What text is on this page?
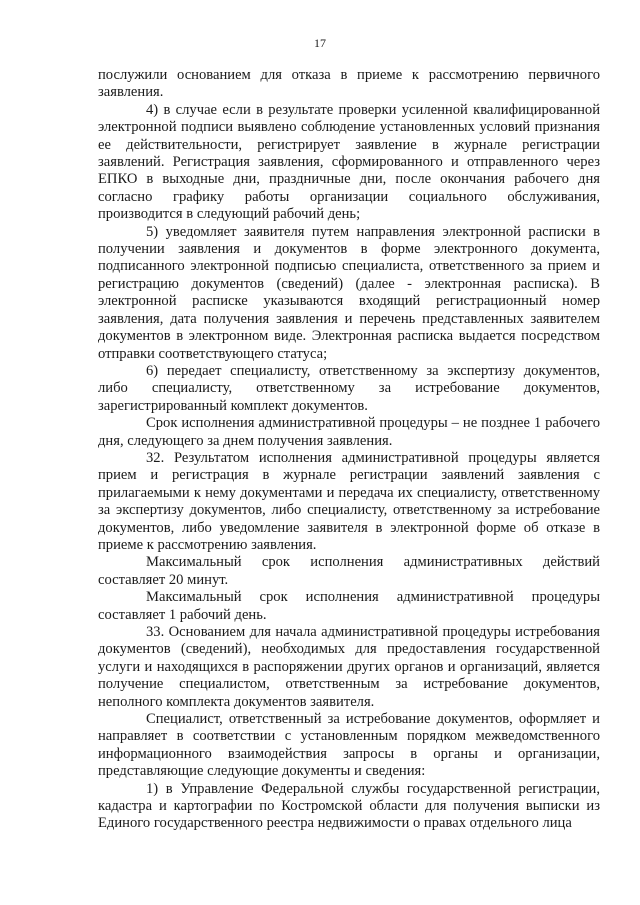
17

послужили основанием для отказа в приеме к рассмотрению первичного заявления.

4) в случае если в результате проверки усиленной квалифицированной электронной подписи выявлено соблюдение установленных условий признания ее действительности, регистрирует заявление в журнале регистрации заявлений. Регистрация заявления, сформированного и отправленного через ЕПКО в выходные дни, праздничные дни, после окончания рабочего дня согласно графику работы организации социального обслуживания, производится в следующий рабочий день;

5) уведомляет заявителя путем направления электронной расписки в получении заявления и документов в форме электронного документа, подписанного электронной подписью специалиста, ответственного за прием и регистрацию документов (сведений) (далее - электронная расписка). В электронной расписке указываются входящий регистрационный номер заявления, дата получения заявления и перечень представленных заявителем документов в электронном виде. Электронная расписка выдается посредством отправки соответствующего статуса;

6) передает специалисту, ответственному за экспертизу документов, либо специалисту, ответственному за истребование документов, зарегистрированный комплект документов.

Срок исполнения административной процедуры – не позднее 1 рабочего дня, следующего за днем получения заявления.

32. Результатом исполнения административной процедуры является прием и регистрация в журнале регистрации заявлений заявления с прилагаемыми к нему документами и передача их специалисту, ответственному за экспертизу документов, либо специалисту, ответственному за истребование документов, либо уведомление заявителя в электронной форме об отказе в приеме к рассмотрению заявления.

Максимальный срок исполнения административных действий составляет 20 минут.

Максимальный срок исполнения административной процедуры составляет 1 рабочий день.

33. Основанием для начала административной процедуры истребования документов (сведений), необходимых для предоставления государственной услуги и находящихся в распоряжении других органов и организаций, является получение специалистом, ответственным за истребование документов, неполного комплекта документов заявителя.

Специалист, ответственный за истребование документов, оформляет и направляет в соответствии с установленным порядком межведомственного информационного взаимодействия запросы в органы и организации, представляющие следующие документы и сведения:

1) в Управление Федеральной службы государственной регистрации, кадастра и картографии по Костромской области для получения выписки из Единого государственного реестра недвижимости о правах отдельного лица
